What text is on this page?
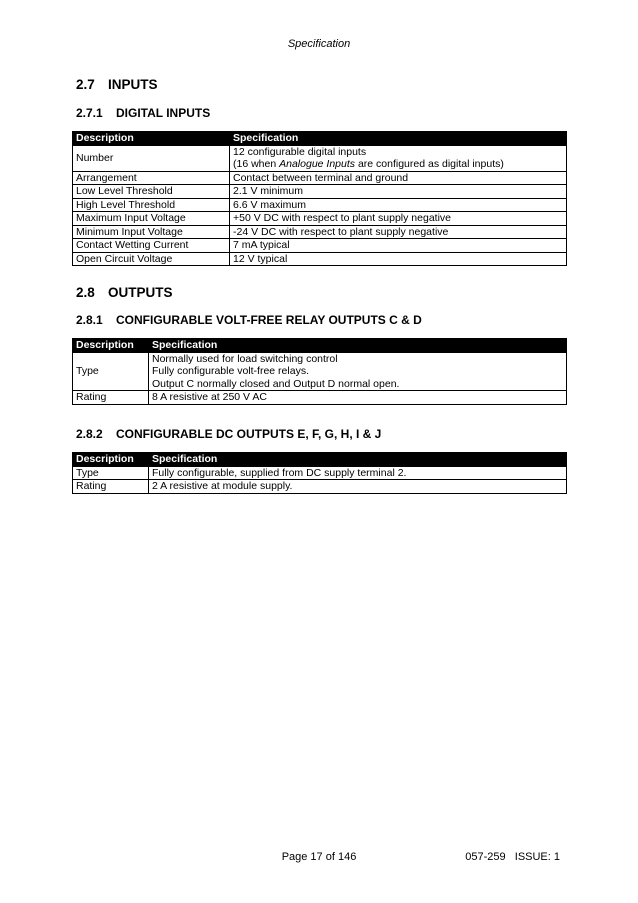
Specification
2.7 INPUTS
2.7.1 DIGITAL INPUTS
Description	Specification
Number	12 configurable digital inputs
(16 when Analogue Inputs are configured as digital inputs)

Arrangement	Contact between terminal and ground
Low Level Threshold	2.1 V minimum
High Level Threshold	6.6 V maximum
Maximum Input Voltage	+50 V DC with respect to plant supply negative
Minimum Input Voltage	-24 V DC with respect to plant supply negative
Contact Wetting Current	7 mA typical
Open Circuit Voltage	12 V typical
2.8 OUTPUTS
2.8.1 CONFIGURABLE VOLT-FREE RELAY OUTPUTS C & D
Description	Specification
Type	Normally used for load switching control
Fully configurable volt-free relays.
Output C normally closed and Output D normal open.

Rating	8 A resistive at 250 V AC
2.8.2 CONFIGURABLE DC OUTPUTS E, F, G, H, I & J
Description	Specification
Type	Fully configurable, supplied from DC supply terminal 2.
Rating	2 A resistive at module supply.
Page 17 of 146	057-259   ISSUE: 1
